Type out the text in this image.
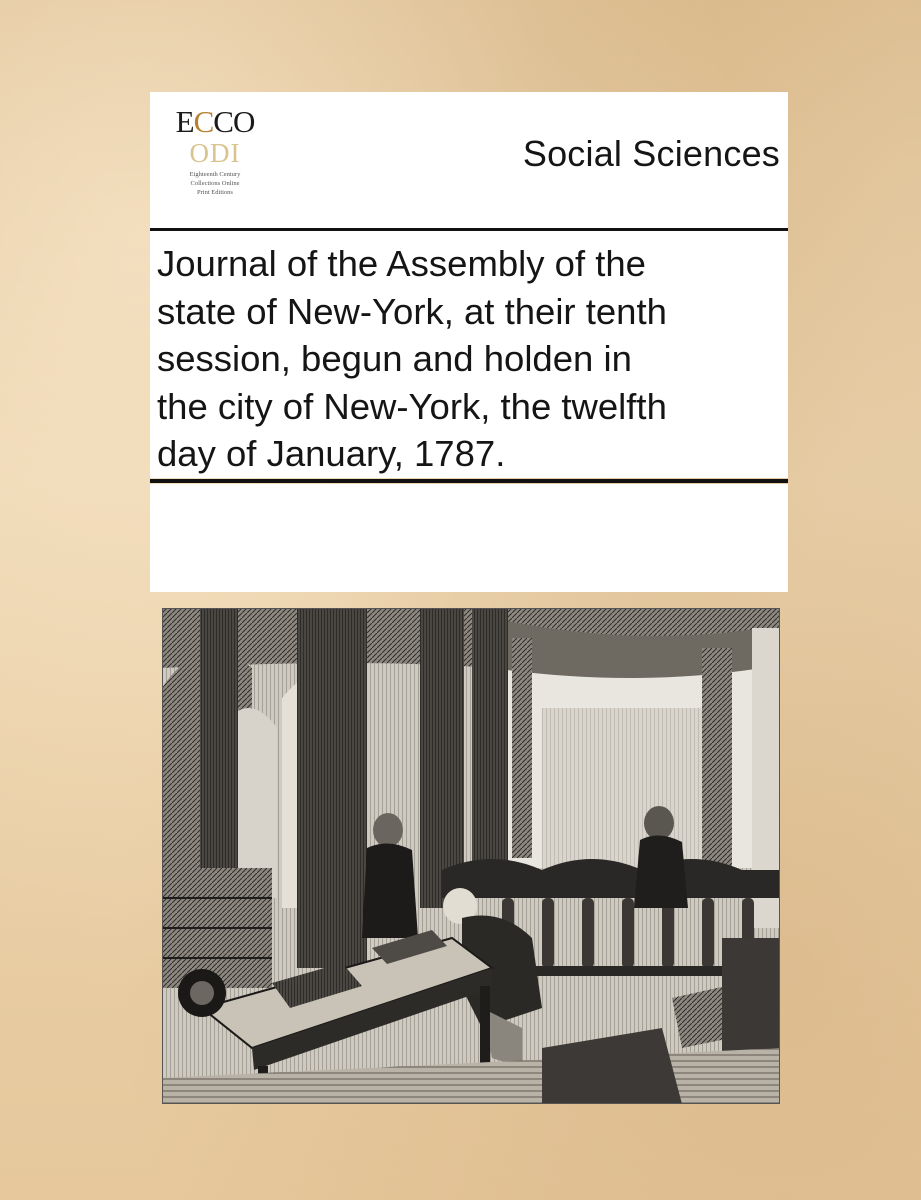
ECCO
ODI
Eighteenth Century
Collections Online
Print Editions
Social Sciences
Journal of the Assembly of the
state of New-York, at their tenth
session, begun and holden in
the city of New-York, the twelfth
day of January, 1787.
